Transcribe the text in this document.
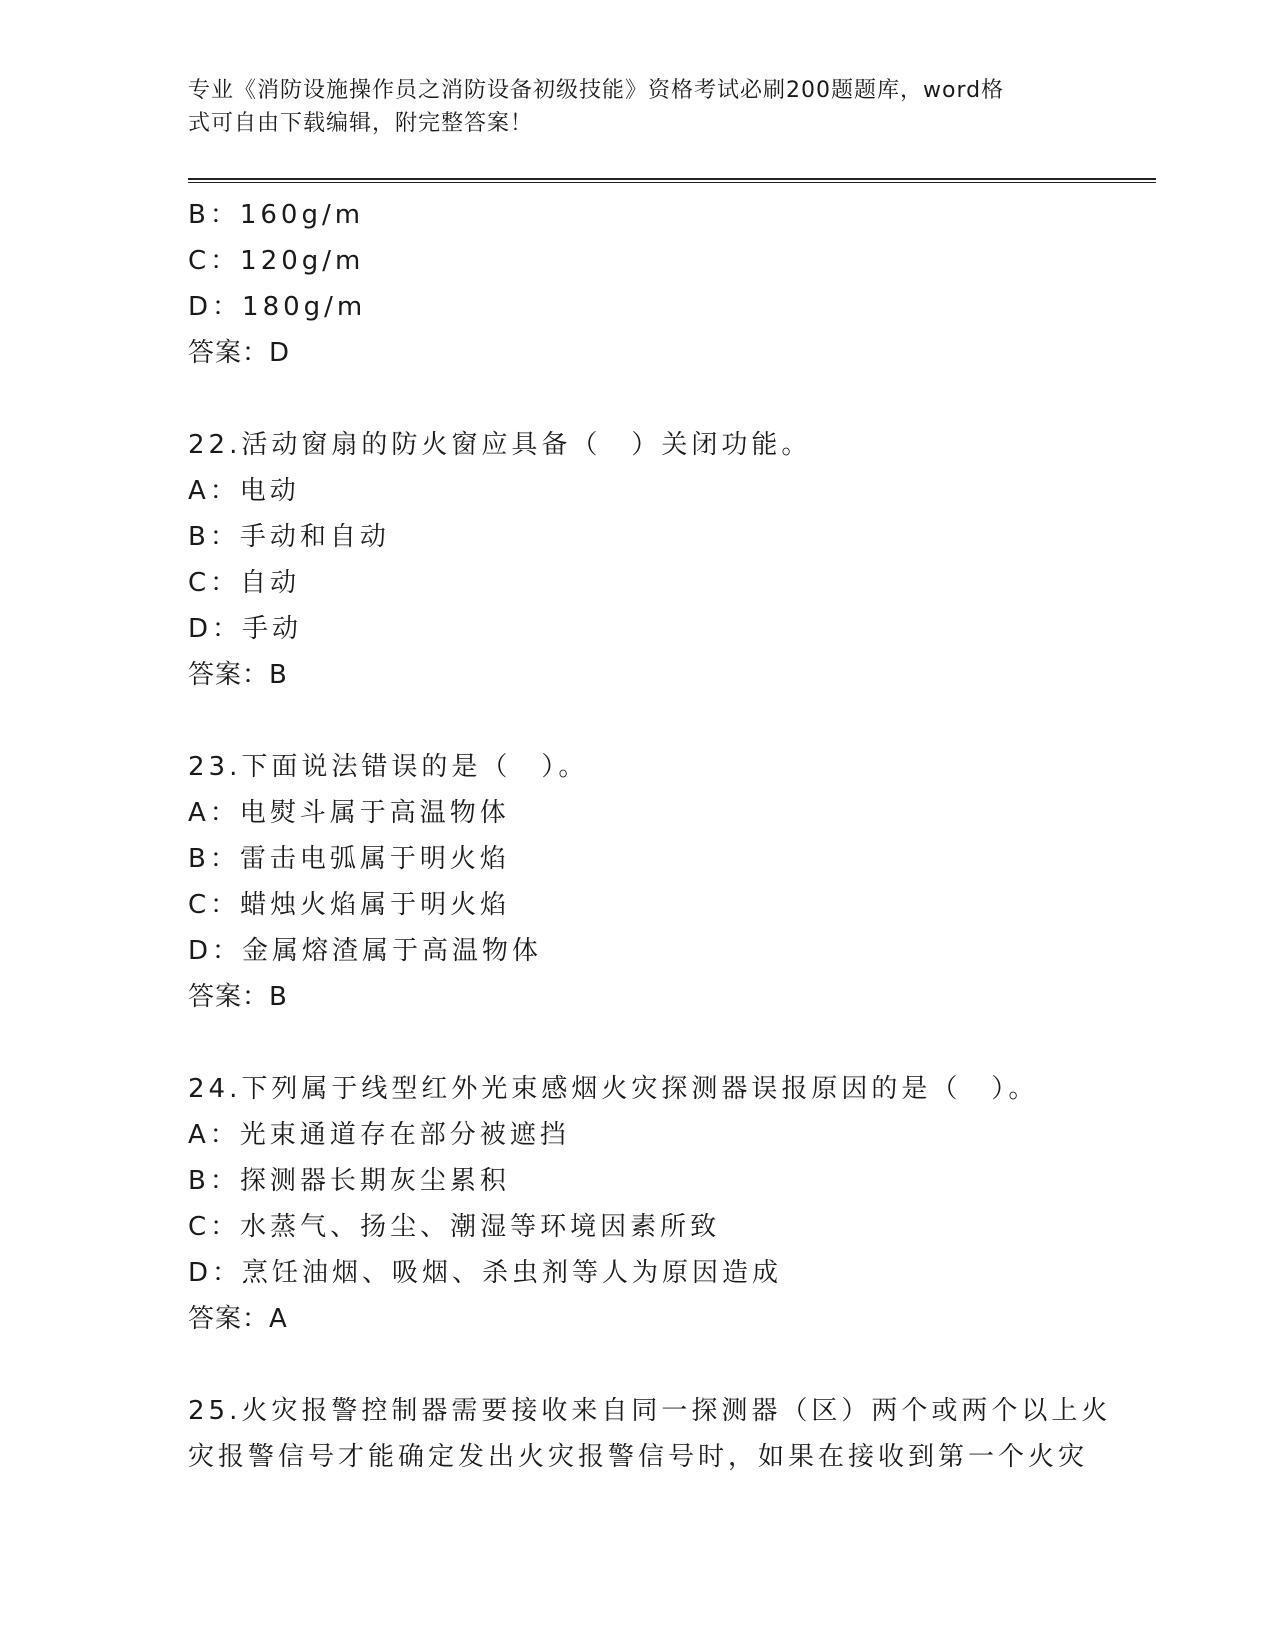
专业《消防设施操作员之消防设备初级技能》资格考试必刷200题题库，word格
式可自由下载编辑，附完整答案！
B：160g/m
C：120g/m
D：180g/m
答案：D
22.活动窗扇的防火窗应具备（　）关闭功能。
A：电动
B：手动和自动
C：自动
D：手动
答案：B
23.下面说法错误的是（　）。
A：电熨斗属于高温物体
B：雷击电弧属于明火焰
C：蜡烛火焰属于明火焰
D：金属熔渣属于高温物体
答案：B
24.下列属于线型红外光束感烟火灾探测器误报原因的是（　）。
A：光束通道存在部分被遮挡
B：探测器长期灰尘累积
C：水蒸气、扬尘、潮湿等环境因素所致
D：烹饪油烟、吸烟、杀虫剂等人为原因造成
答案：A
25.火灾报警控制器需要接收来自同一探测器（区）两个或两个以上火
灾报警信号才能确定发出火灾报警信号时，如果在接收到第一个火灾
